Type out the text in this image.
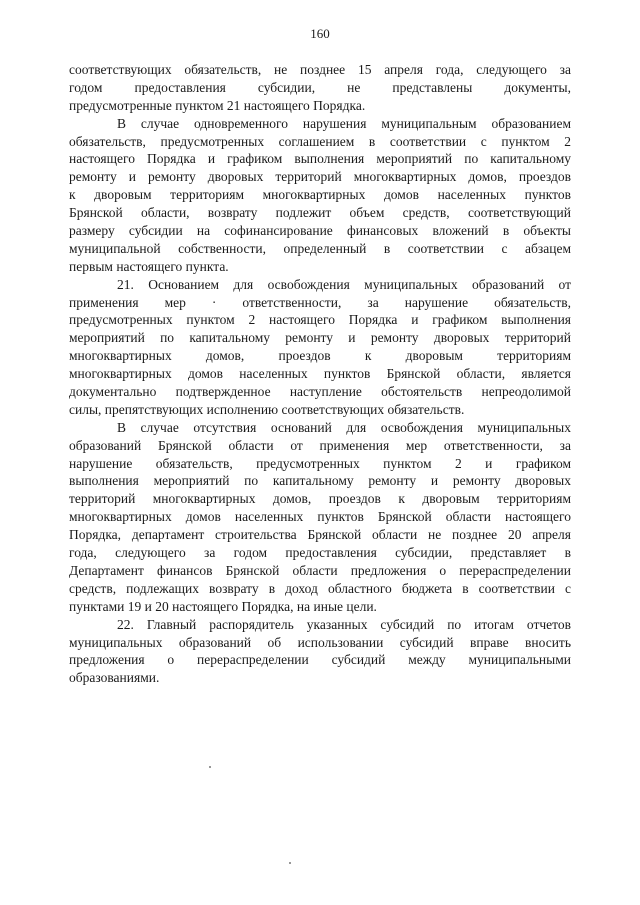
160
соответствующих обязательств, не позднее 15 апреля года, следующего за
годом предоставления субсидии, не представлены документы,
предусмотренные пунктом 21 настоящего Порядка.
В случае одновременного нарушения муниципальным образованием
обязательств, предусмотренных соглашением в соответствии с пунктом 2
настоящего Порядка и графиком выполнения мероприятий по капитальному
ремонту и ремонту дворовых территорий многоквартирных домов, проездов
к дворовым территориям многоквартирных домов населенных пунктов
Брянской области, возврату подлежит объем средств, соответствующий
размеру субсидии на софинансирование финансовых вложений в объекты
муниципальной собственности, определенный в соответствии с абзацем
первым настоящего пункта.
21. Основанием для освобождения муниципальных образований от
применения мер · ответственности, за нарушение обязательств,
предусмотренных пунктом 2 настоящего Порядка и графиком выполнения
мероприятий по капитальному ремонту и ремонту дворовых территорий
многоквартирных домов, проездов к дворовым территориям
многоквартирных домов населенных пунктов Брянской области, является
документально подтвержденное наступление обстоятельств непреодолимой
силы, препятствующих исполнению соответствующих обязательств.
В случае отсутствия оснований для освобождения муниципальных
образований Брянской области от применения мер ответственности, за
нарушение обязательств, предусмотренных пунктом 2 и графиком
выполнения мероприятий по капитальному ремонту и ремонту дворовых
территорий многоквартирных домов, проездов к дворовым территориям
многоквартирных домов населенных пунктов Брянской области настоящего
Порядка, департамент строительства Брянской области не позднее 20 апреля
года, следующего за годом предоставления субсидии, представляет в
Департамент финансов Брянской области предложения о перераспределении
средств, подлежащих возврату в доход областного бюджета в соответствии с
пунктами 19 и 20 настоящего Порядка, на иные цели.
22. Главный распорядитель указанных субсидий по итогам отчетов
муниципальных образований об использовании субсидий вправе вносить
предложения о перераспределении субсидий между муниципальными
образованиями.
